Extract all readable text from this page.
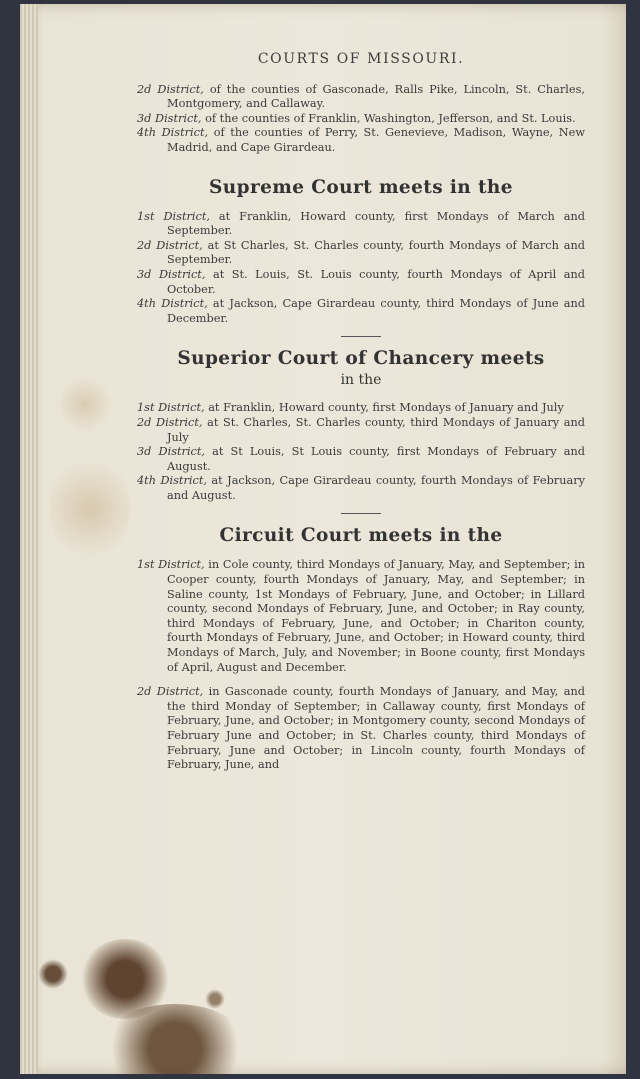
COURTS OF MISSOURI.

2d District, of the counties of Gasconade, Ralls Pike, Lincoln, St. Charles, Montgomery, and Callaway.

3d District, of the counties of Franklin, Washington, Jefferson, and St. Louis.

4th District, of the counties of Perry, St. Genevieve, Madison, Wayne, New Madrid, and Cape Girardeau.

Supreme Court meets in the

1st District, at Franklin, Howard county, first Mondays of March and September.

2d District, at St Charles, St. Charles county, fourth Mondays of March and September.

3d District, at St. Louis, St. Louis county, fourth Mondays of April and October.

4th District, at Jackson, Cape Girardeau county, third Mondays of June and December.

Superior Court of Chancery meets
in the

1st District, at Franklin, Howard county, first Mondays of January and July

2d District, at St. Charles, St. Charles county, third Mondays of January and July

3d District, at St Louis, St Louis county, first Mondays of February and August.

4th District, at Jackson, Cape Girardeau county, fourth Mondays of February and August.

Circuit Court meets in the

1st District, in Cole county, third Mondays of January, May, and September; in Cooper county, fourth Mondays of January, May, and September; in Saline county, 1st Mondays of February, June, and October; in Lillard county, second Mondays of February, June, and October; in Ray county, third Mondays of February, June, and October; in Chariton county, fourth Mondays of February, June, and October; in Howard county, third Mondays of March, July, and November; in Boone county, first Mondays of April, August and December.

2d District, in Gasconade county, fourth Mondays of January, and May, and the third Monday of September; in Callaway county, first Mondays of February, June, and October; in Montgomery county, second Mondays of February June and October; in St. Charles county, third Mondays of February, June and October; in Lincoln county, fourth Mondays of February, June, and
